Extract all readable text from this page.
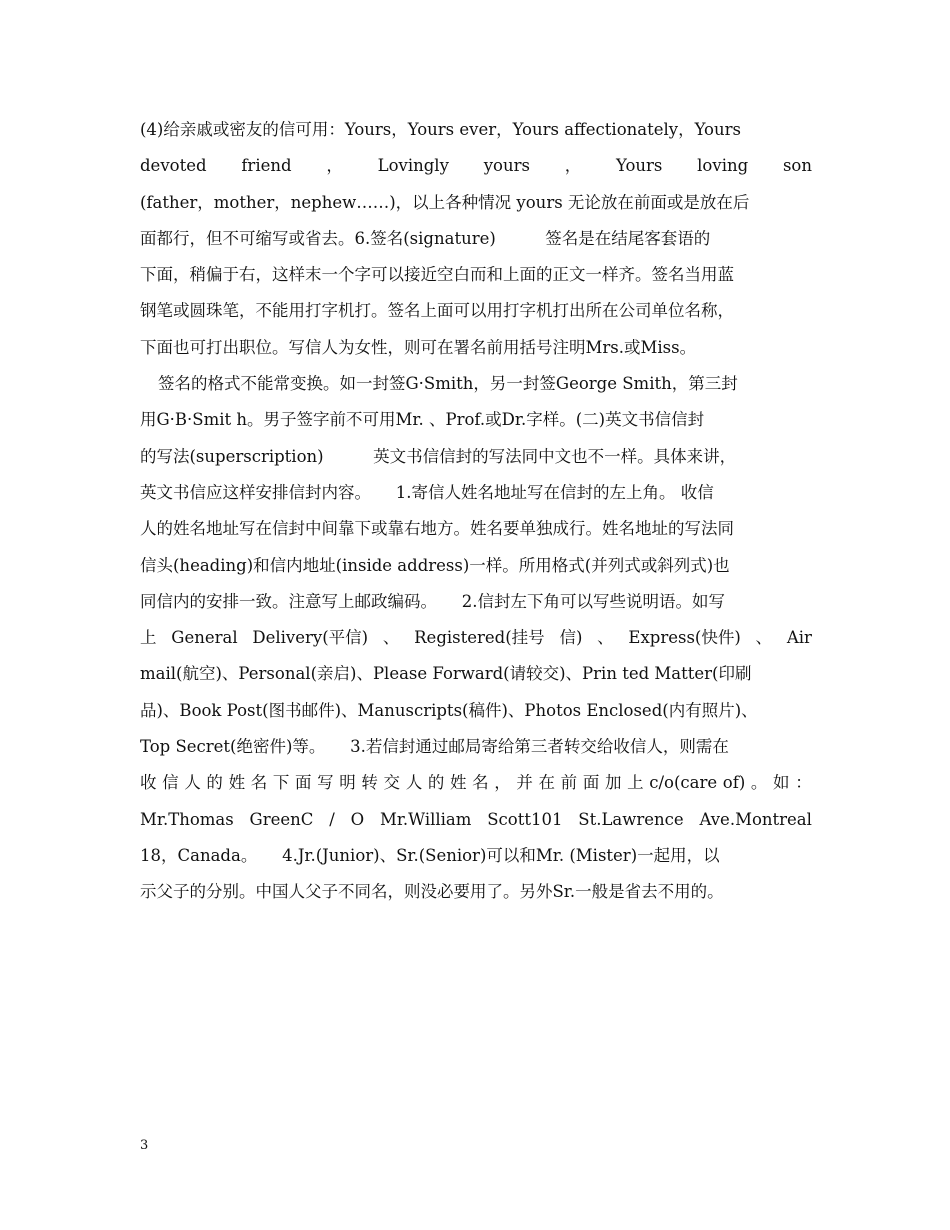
(4)给亲戚或密友的信可用：Yours，Yours ever，Yours affectionately，Yours
devoted friend ， Lovingly yours ， Yours loving son
(father，mother，nephew……)，以上各种情况 yours 无论放在前面或是放在后
面都行，但不可缩写或省去。6.签名(signature)　　　签名是在结尾客套语的
下面，稍偏于右，这样末一个字可以接近空白而和上面的正文一样齐。签名当用蓝
钢笔或圆珠笔，不能用打字机打。签名上面可以用打字机打出所在公司单位名称，
下面也可打出职位。写信人为女性，则可在署名前用括号注明Mrs.或Miss。
签名的格式不能常变换。如一封签G·Smith，另一封签George Smith，第三封
用G·B·Smit h。男子签字前不可用Mr. 、Prof.或Dr.字样。(二)英文书信信封
的写法(superscription)　　　英文书信信封的写法同中文也不一样。具体来讲，
英文书信应这样安排信封内容。　　1.寄信人姓名地址写在信封的左上角。 收信
人的姓名地址写在信封中间靠下或靠右地方。姓名要单独成行。姓名地址的写法同
信头(heading)和信内地址(inside address)一样。所用格式(并列式或斜列式)也
同信内的安排一致。注意写上邮政编码。　　2.信封左下角可以写些说明语。如写
上 General Delivery(平信) 、 Registered(挂号 信) 、 Express(快件) 、 Air
mail(航空)、Personal(亲启)、Please Forward(请较交)、Prin ted Matter(印刷
品)、Book Post(图书邮件)、Manuscripts(稿件)、Photos Enclosed(内有照片)、
Top Secret(绝密件)等。　　3.若信封通过邮局寄给第三者转交给收信人，则需在
收 信 人 的 姓 名 下 面 写 明 转 交 人 的 姓 名 ， 并 在 前 面 加 上 c/o(care of) 。 如 ：
Mr.Thomas GreenC / O Mr.William Scott101 St.Lawrence Ave.Montreal
18，Canada。　　4.Jr.(Junior)、Sr.(Senior)可以和Mr. (Mister)一起用，以
示父子的分别。中国人父子不同名，则没必要用了。另外Sr.一般是省去不用的。
3
